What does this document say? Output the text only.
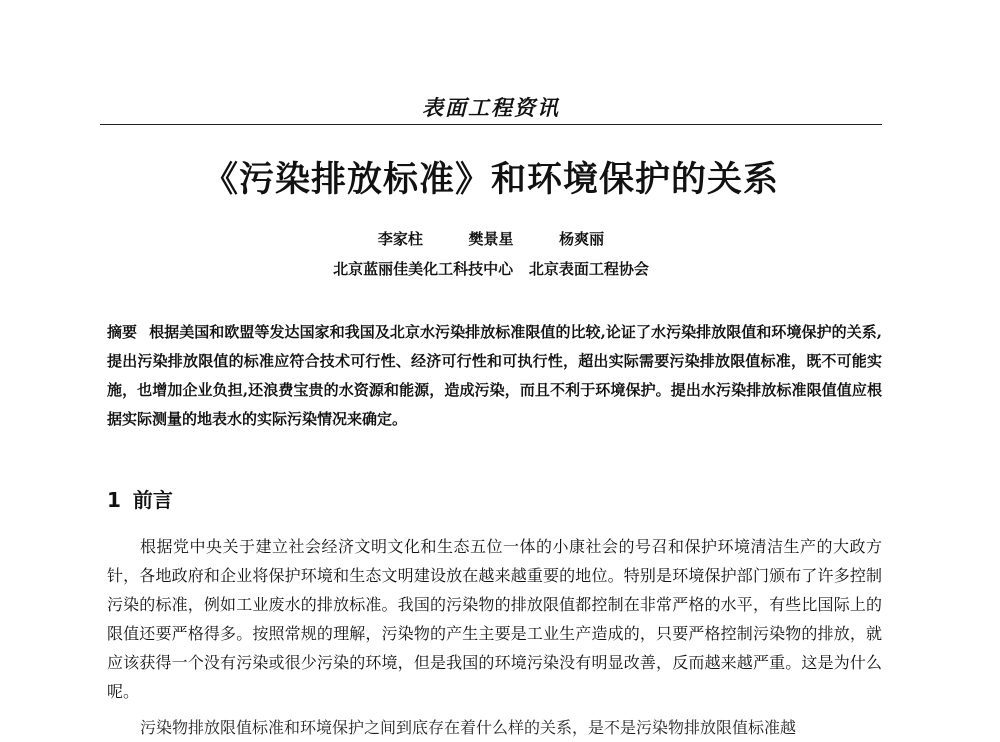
表面工程资讯
《污染排放标准》和环境保护的关系
李家柱   樊景星   杨爽丽
北京蓝丽佳美化工科技中心   北京表面工程协会
摘要 根据美国和欧盟等发达国家和我国及北京水污染排放标准限值的比较,论证了水污染排放限值和环境保护的关系,提出污染排放限值的标准应符合技术可行性、经济可行性和可执行性，超出实际需要污染排放限值标准，既不可能实施，也增加企业负担,还浪费宝贵的水资源和能源，造成污染，而且不利于环境保护。提出水污染排放标准限值值应根据实际测量的地表水的实际污染情况来确定。
1 前言
根据党中央关于建立社会经济文明文化和生态五位一体的小康社会的号召和保护环境清洁生产的大政方针，各地政府和企业将保护环境和生态文明建设放在越来越重要的地位。特别是环境保护部门颁布了许多控制污染的标准，例如工业废水的排放标准。我国的污染物的排放限值都控制在非常严格的水平，有些比国际上的限值还要严格得多。按照常规的理解，污染物的产生主要是工业生产造成的，只要严格控制污染物的排放，就应该获得一个没有污染或很少污染的环境，但是我国的环境污染没有明显改善，反而越来越严重。这是为什么呢。
污染物排放限值标准和环境保护之间到底存在着什么样的关系，是不是污染物排放限值标准越
